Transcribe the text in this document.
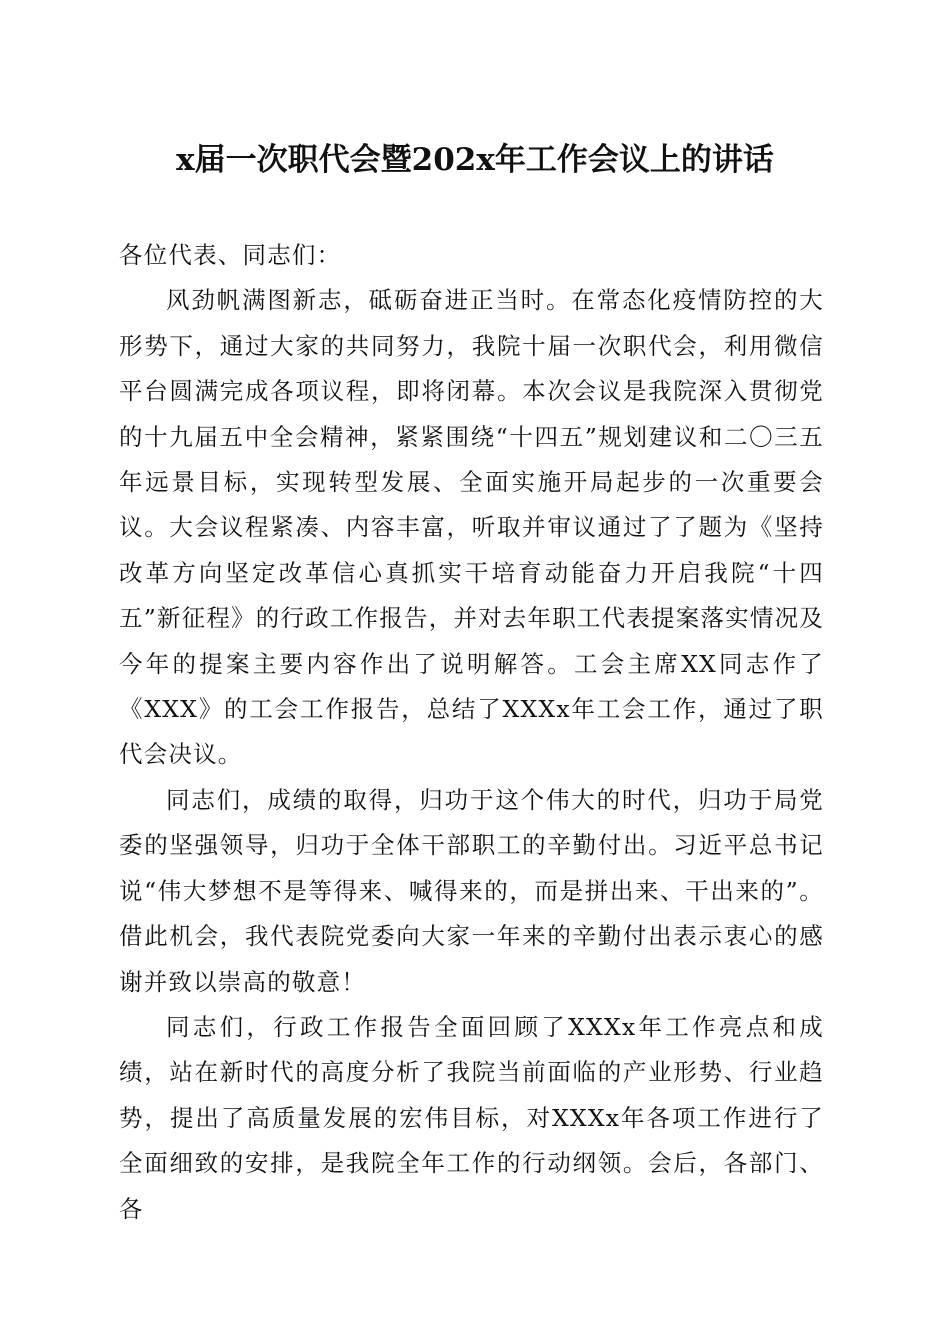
x届一次职代会暨202x年工作会议上的讲话

各位代表、同志们：

风劲帆满图新志，砥砺奋进正当时。在常态化疫情防控的大形势下，通过大家的共同努力，我院十届一次职代会，利用微信平台圆满完成各项议程，即将闭幕。本次会议是我院深入贯彻党的十九届五中全会精神，紧紧围绕“十四五”规划建议和二〇三五年远景目标，实现转型发展、全面实施开局起步的一次重要会议。大会议程紧凑、内容丰富，听取并审议通过了了题为《坚持改革方向坚定改革信心真抓实干培育动能奋力开启我院“十四五”新征程》的行政工作报告，并对去年职工代表提案落实情况及今年的提案主要内容作出了说明解答。工会主席XX同志作了《XXX》的工会工作报告，总结了XXXx年工会工作，通过了职代会决议。

同志们，成绩的取得，归功于这个伟大的时代，归功于局党委的坚强领导，归功于全体干部职工的辛勤付出。习近平总书记说“伟大梦想不是等得来、喊得来的，而是拼出来、干出来的”。借此机会，我代表院党委向大家一年来的辛勤付出表示衷心的感谢并致以崇高的敬意！

同志们，行政工作报告全面回顾了XXXx年工作亮点和成绩，站在新时代的高度分析了我院当前面临的产业形势、行业趋势，提出了高质量发展的宏伟目标，对XXXx年各项工作进行了全面细致的安排，是我院全年工作的行动纲领。会后，各部门、各
